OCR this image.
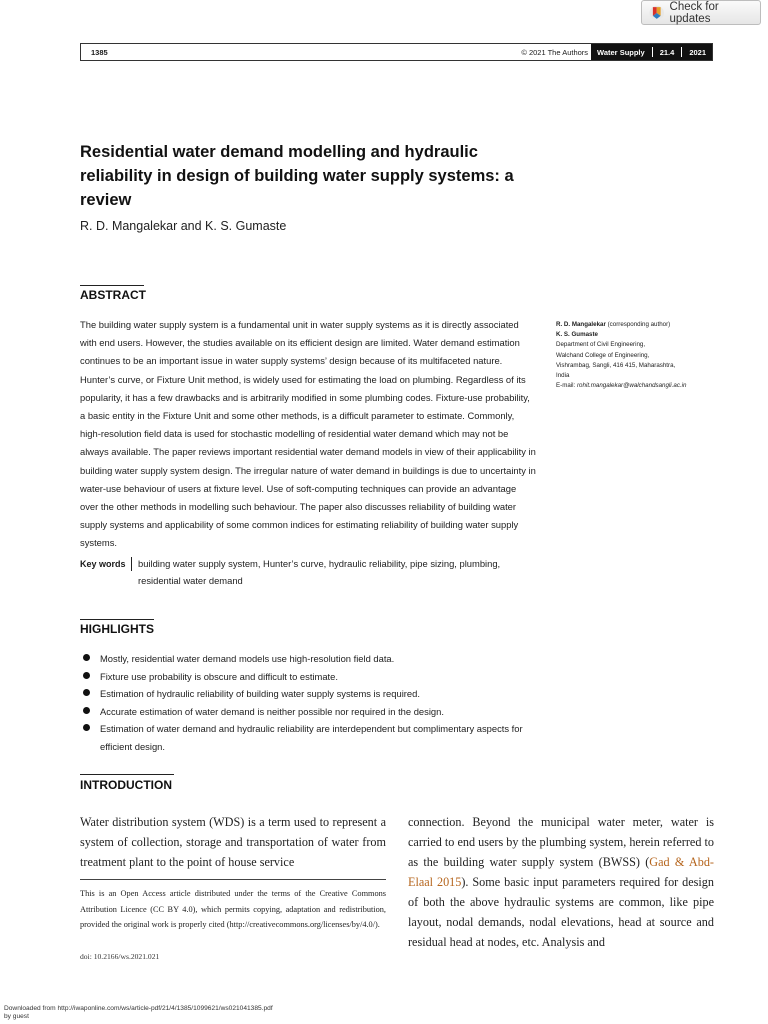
Check for updates
1385	© 2021 The Authors	Water Supply 21.4 2021
Residential water demand modelling and hydraulic reliability in design of building water supply systems: a review
R. D. Mangalekar and K. S. Gumaste
ABSTRACT
The building water supply system is a fundamental unit in water supply systems as it is directly associated with end users. However, the studies available on its efficient design are limited. Water demand estimation continues to be an important issue in water supply systems’ design because of its multifaceted nature. Hunter’s curve, or Fixture Unit method, is widely used for estimating the load on plumbing. Regardless of its popularity, it has a few drawbacks and is arbitrarily modified in some plumbing codes. Fixture-use probability, a basic entity in the Fixture Unit and some other methods, is a difficult parameter to estimate. Commonly, high-resolution field data is used for stochastic modelling of residential water demand which may not be always available. The paper reviews important residential water demand models in view of their applicability in building water supply system design. The irregular nature of water demand in buildings is due to uncertainty in water-use behaviour of users at fixture level. Use of soft-computing techniques can provide an advantage over the other methods in modelling such behaviour. The paper also discusses reliability of building water supply systems and applicability of some common indices for estimating reliability of building water supply systems.
Key words building water supply system, Hunter’s curve, hydraulic reliability, pipe sizing, plumbing, residential water demand
R. D. Mangalekar (corresponding author)
K. S. Gumaste
Department of Civil Engineering,
Walchand College of Engineering,
Vishrambag, Sangli, 416 415, Maharashtra,
India
E-mail: rohit.mangalekar@walchandsangli.ac.in
HIGHLIGHTS
Mostly, residential water demand models use high-resolution field data.
Fixture use probability is obscure and difficult to estimate.
Estimation of hydraulic reliability of building water supply systems is required.
Accurate estimation of water demand is neither possible nor required in the design.
Estimation of water demand and hydraulic reliability are interdependent but complimentary aspects for efficient design.
INTRODUCTION
Water distribution system (WDS) is a term used to represent a system of collection, storage and transportation of water from treatment plant to the point of house service
connection. Beyond the municipal water meter, water is carried to end users by the plumbing system, herein referred to as the building water supply system (BWSS) (Gad & Abd-Elaal 2015). Some basic input parameters required for design of both the above hydraulic systems are common, like pipe layout, nodal demands, nodal elevations, head at source and residual head at nodes, etc. Analysis and
This is an Open Access article distributed under the terms of the Creative Commons Attribution Licence (CC BY 4.0), which permits copying, adaptation and redistribution, provided the original work is properly cited (http://creativecommons.org/licenses/by/4.0/).
doi: 10.2166/ws.2021.021
Downloaded from http://iwaponline.com/ws/article-pdf/21/4/1385/1099621/ws021041385.pdf
by guest
